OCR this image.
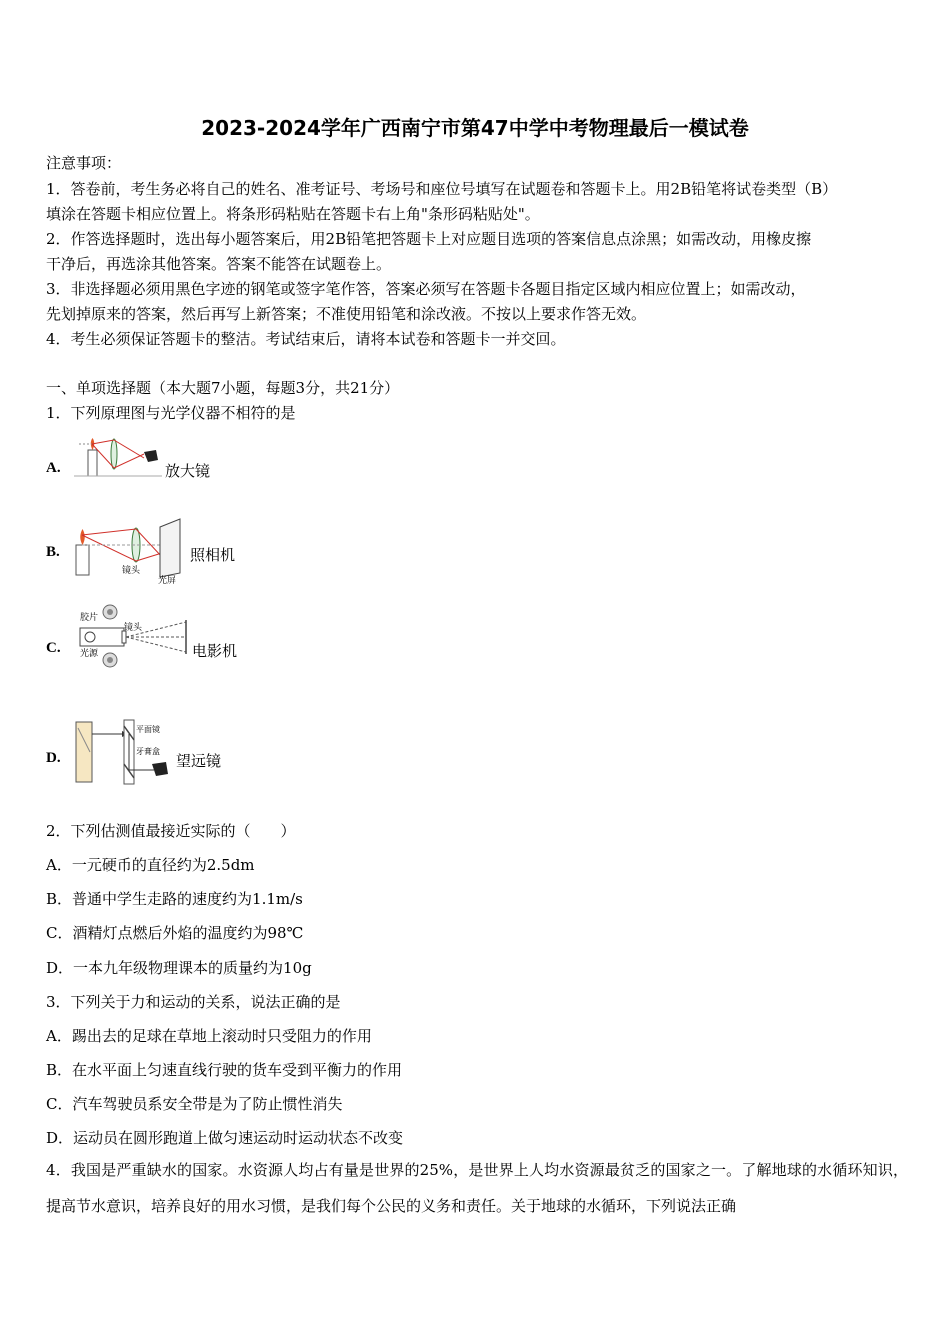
2023-2024学年广西南宁市第47中学中考物理最后一模试卷
注意事项：
1．答卷前，考生务必将自己的姓名、准考证号、考场号和座位号填写在试题卷和答题卡上。用2B铅笔将试卷类型（B）
填涂在答题卡相应位置上。将条形码粘贴在答题卡右上角"条形码粘贴处"。
2．作答选择题时，选出每小题答案后，用2B铅笔把答题卡上对应题目选项的答案信息点涂黑；如需改动，用橡皮擦
干净后，再选涂其他答案。答案不能答在试题卷上。
3．非选择题必须用黑色字迹的钢笔或签字笔作答，答案必须写在答题卡各题目指定区域内相应位置上；如需改动，
先划掉原来的答案，然后再写上新答案；不准使用铅笔和涂改液。不按以上要求作答无效。
4．考生必须保证答题卡的整洁。考试结束后，请将本试卷和答题卡一并交回。
一、单项选择题（本大题7小题，每题3分，共21分）
1．下列原理图与光学仪器不相符的是
A.	放大镜
B.
镜头
光屏
照相机
C.
胶片
镜头
光源	电影机
D.
平面镜
牙膏盒
望远镜
2．下列估测值最接近实际的（　　）
A．一元硬币的直径约为2.5dm
B．普通中学生走路的速度约为1.1m/s
C．酒精灯点燃后外焰的温度约为98℃
D．一本九年级物理课本的质量约为10g
3．下列关于力和运动的关系，说法正确的是
A．踢出去的足球在草地上滚动时只受阻力的作用
B．在水平面上匀速直线行驶的货车受到平衡力的作用
C．汽车驾驶员系安全带是为了防止惯性消失
D．运动员在圆形跑道上做匀速运动时运动状态不改变
4．我国是严重缺水的国家。水资源人均占有量是世界的25%，是世界上人均水资源最贫乏的国家之一。了解地球的水循环知识，提高节水意识，培养良好的用水习惯，是我们每个公民的义务和责任。关于地球的水循环，下列说法正确
